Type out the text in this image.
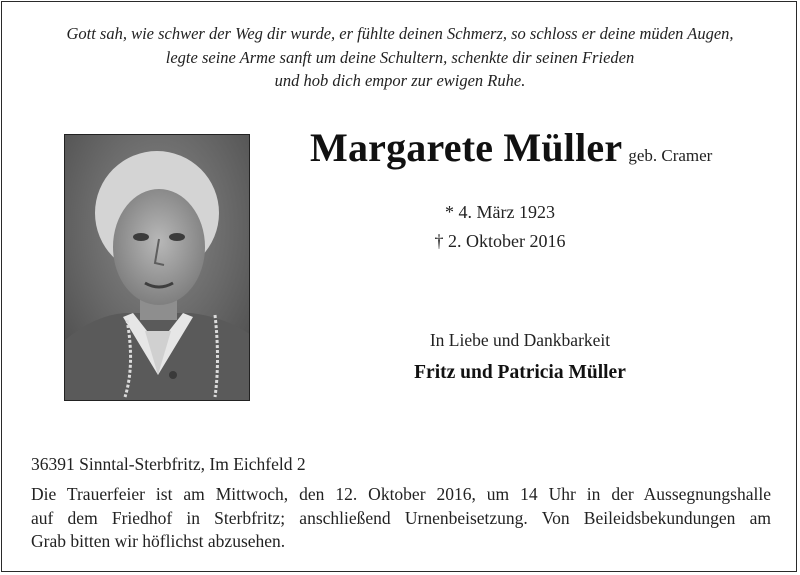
Gott sah, wie schwer der Weg dir wurde, er fühlte deinen Schmerz, so schloss er deine müden Augen,
legte seine Arme sanft um deine Schultern, schenkte dir seinen Frieden
und hob dich empor zur ewigen Ruhe.
Margarete Müller geb. Cramer
* 4. März 1923
† 2. Oktober 2016
In Liebe und Dankbarkeit
Fritz und Patricia Müller
36391 Sinntal-Sterbfritz, Im Eichfeld 2
Die Trauerfeier ist am Mittwoch, den 12. Oktober 2016, um 14 Uhr in der Aussegnungshalle
auf dem Friedhof in Sterbfritz; anschließend Urnenbeisetzung. Von Beileidsbekundungen am
Grab bitten wir höflichst abzusehen.
